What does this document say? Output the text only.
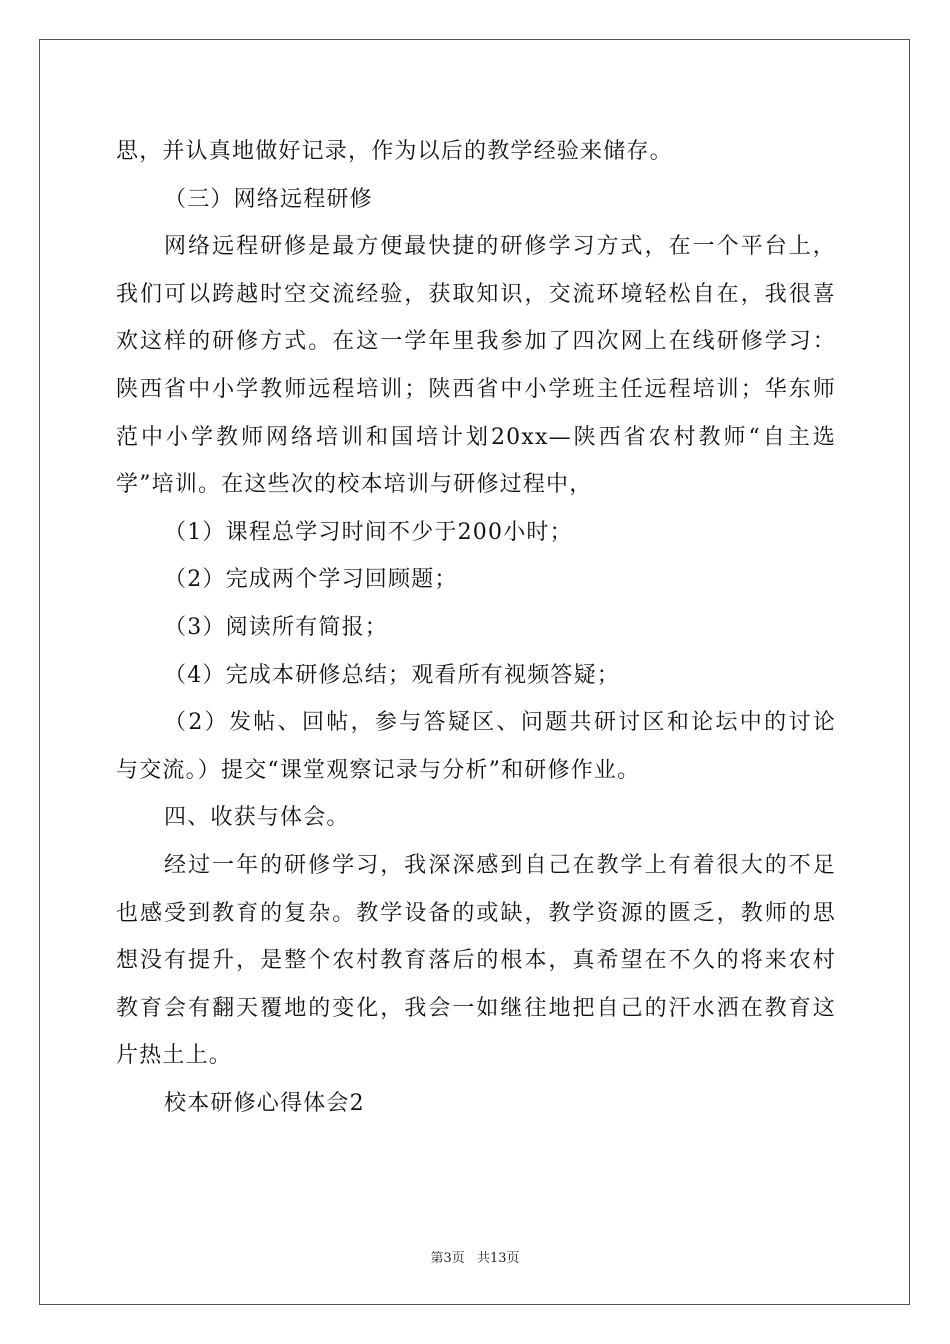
思，并认真地做好记录，作为以后的教学经验来储存。
（三）网络远程研修
网络远程研修是最方便最快捷的研修学习方式，在一个平台上，
我们可以跨越时空交流经验，获取知识，交流环境轻松自在，我很喜
欢这样的研修方式。在这一学年里我参加了四次网上在线研修学习：
陕西省中小学教师远程培训；陕西省中小学班主任远程培训；华东师
范中小学教师网络培训和国培计划20xx—陕西省农村教师“自主选
学”培训。在这些次的校本培训与研修过程中，
（1）课程总学习时间不少于200小时；
（2）完成两个学习回顾题；
（3）阅读所有简报；
（4）完成本研修总结；观看所有视频答疑；
（2）发帖、回帖，参与答疑区、问题共研讨区和论坛中的讨论
与交流。）提交“课堂观察记录与分析”和研修作业。
四、收获与体会。
经过一年的研修学习，我深深感到自己在教学上有着很大的不足
也感受到教育的复杂。教学设备的或缺，教学资源的匮乏，教师的思
想没有提升，是整个农村教育落后的根本，真希望在不久的将来农村
教育会有翻天覆地的变化，我会一如继往地把自己的汗水洒在教育这
片热土上。
校本研修心得体会2
第3页 共13页
